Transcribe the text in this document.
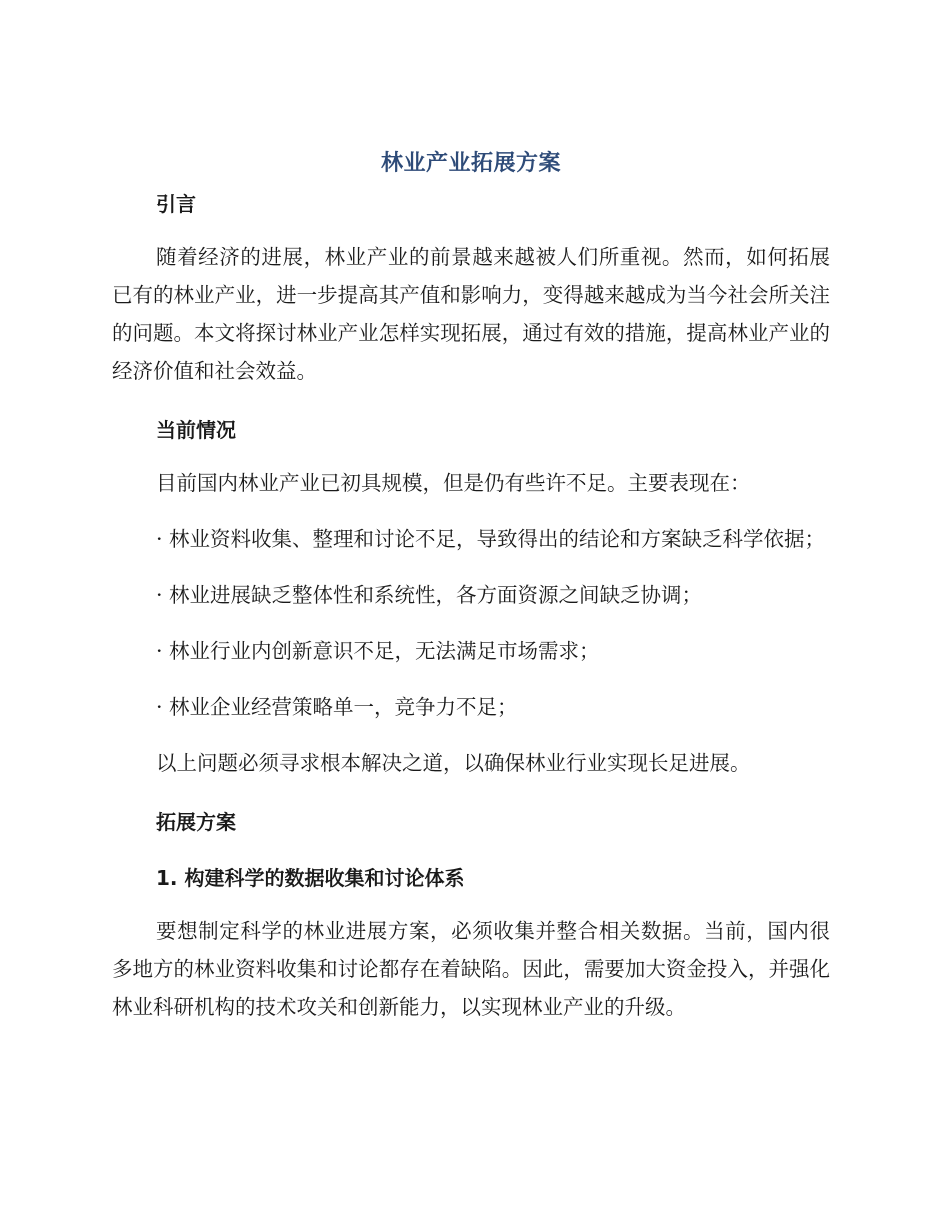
林业产业拓展方案
引言

随着经济的进展，林业产业的前景越来越被人们所重视。然而，如何拓展已有的林业产业，进一步提高其产值和影响力，变得越来越成为当今社会所关注的问题。本文将探讨林业产业怎样实现拓展，通过有效的措施，提高林业产业的经济价值和社会效益。

当前情况

目前国内林业产业已初具规模，但是仍有些许不足。主要表现在：

· 林业资料收集、整理和讨论不足，导致得出的结论和方案缺乏科学依据；

· 林业进展缺乏整体性和系统性，各方面资源之间缺乏协调；

· 林业行业内创新意识不足，无法满足市场需求；

· 林业企业经营策略单一，竞争力不足；

以上问题必须寻求根本解决之道，以确保林业行业实现长足进展。

拓展方案
1. 构建科学的数据收集和讨论体系

要想制定科学的林业进展方案，必须收集并整合相关数据。当前，国内很多地方的林业资料收集和讨论都存在着缺陷。因此，需要加大资金投入，并强化林业科研机构的技术攻关和创新能力，以实现林业产业的升级。
